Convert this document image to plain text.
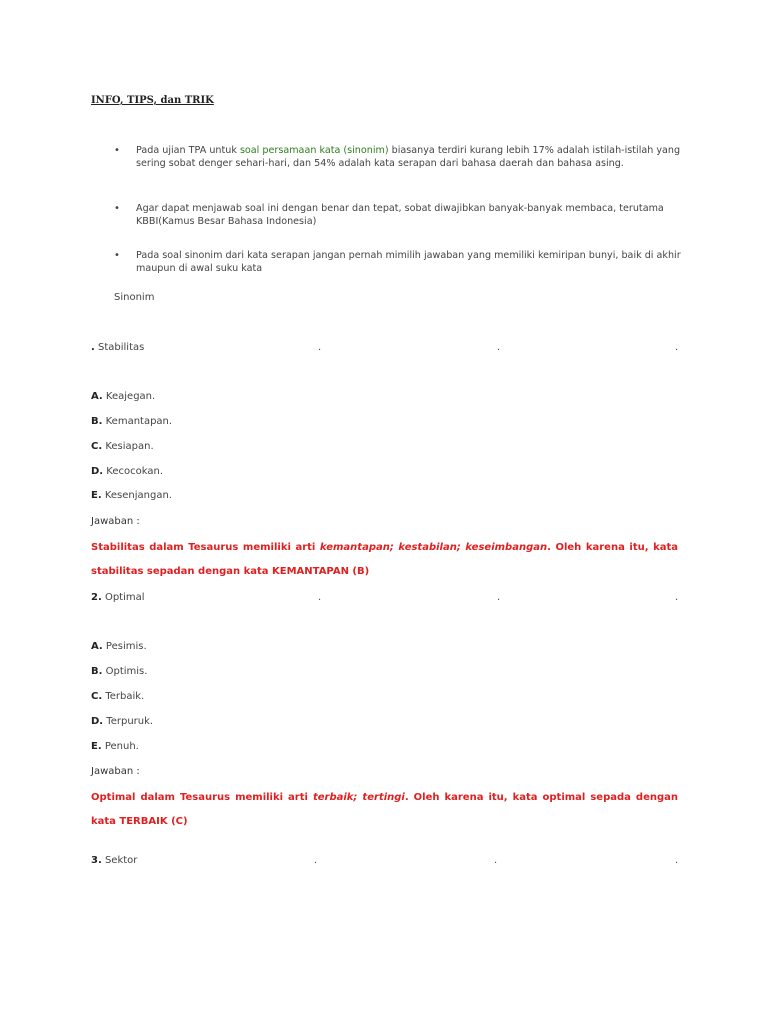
INFO, TIPS, dan TRIK
• Pada ujian TPA untuk soal persamaan kata (sinonim) biasanya terdiri kurang lebih 17% adalah istilah-istilah yang sering sobat denger sehari-hari, dan 54% adalah kata serapan dari bahasa daerah dan bahasa asing.
• Agar dapat menjawab soal ini dengan benar dan tepat, sobat diwajibkan banyak-banyak membaca, terutama KBBI(Kamus Besar Bahasa Indonesia)
• Pada soal sinonim dari kata serapan jangan pernah mimilih jawaban yang memiliki kemiripan bunyi, baik di akhir maupun di awal suku kata
Sinonim
. Stabilitas	.	.	.
A. Keajegan.
B. Kemantapan.
C. Kesiapan.
D. Kecocokan.
E. Kesenjangan.
Jawaban :
Stabilitas dalam Tesaurus memiliki arti kemantapan; kestabilan; keseimbangan. Oleh karena itu, kata stabilitas sepadan dengan kata KEMANTAPAN (B)
2. Optimal	.	.	.
A. Pesimis.
B. Optimis.
C. Terbaik.
D. Terpuruk.
E. Penuh.
Jawaban :
Optimal dalam Tesaurus memiliki arti terbaik; tertingi. Oleh karena itu, kata optimal sepada dengan kata TERBAIK (C)
3. Sektor	.	.	.
